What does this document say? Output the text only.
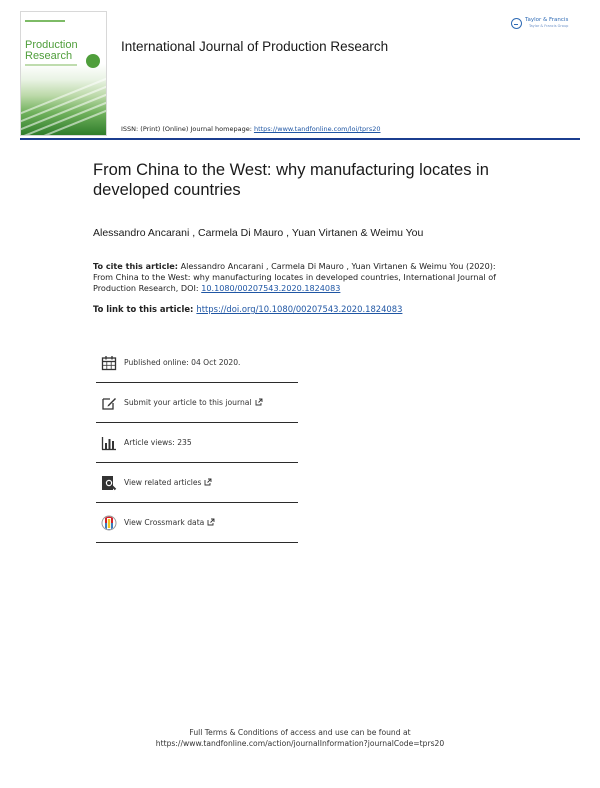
Production
Research
International Journal of Production Research
Taylor & Francis
Taylor & Francis Group
ISSN: (Print) (Online) Journal homepage: https://www.tandfonline.com/loi/tprs20
From China to the West: why manufacturing locates in developed countries
Alessandro Ancarani , Carmela Di Mauro , Yuan Virtanen & Weimu You
To cite this article: Alessandro Ancarani , Carmela Di Mauro , Yuan Virtanen & Weimu You (2020): From China to the West: why manufacturing locates in developed countries, International Journal of Production Research, DOI: 10.1080/00207543.2020.1824083
To link to this article: https://doi.org/10.1080/00207543.2020.1824083
Published online: 04 Oct 2020.
Submit your article to this journal
Article views: 235
View related articles
View Crossmark data
Full Terms & Conditions of access and use can be found at
https://www.tandfonline.com/action/journalInformation?journalCode=tprs20
